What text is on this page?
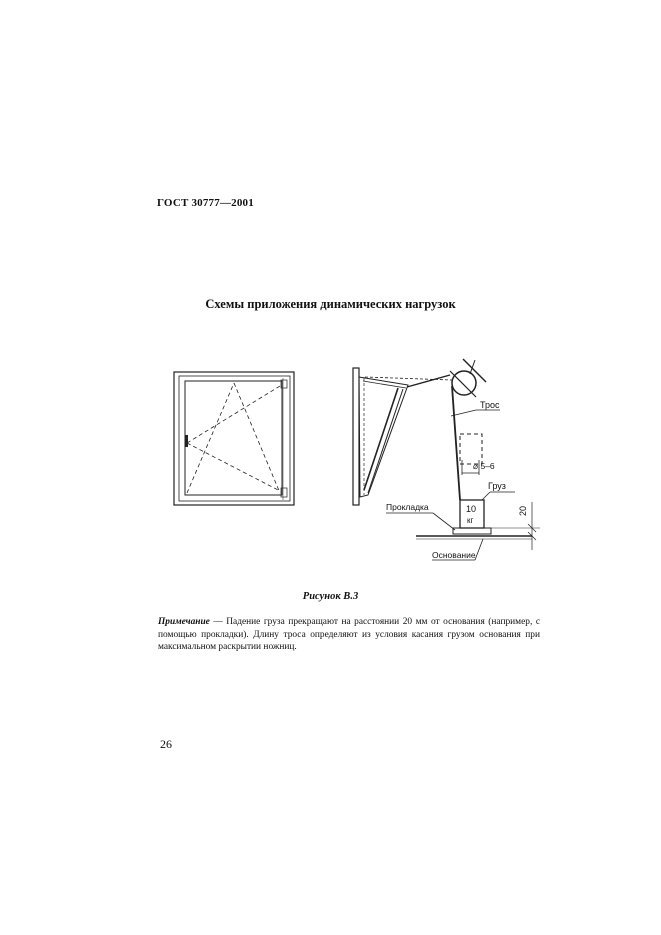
ГОСТ 30777—2001
Схемы приложения динамических нагрузок
Трос
⌀ 5–6
Груз
10
кг
Прокладка	20
Основание
Рисунок В.3
Примечание — Падение груза прекращают на расстоянии 20 мм от основания (например, с помощью прокладки). Длину троса определяют из условия касания грузом основания при максимальном раскрытии ножниц.
26
